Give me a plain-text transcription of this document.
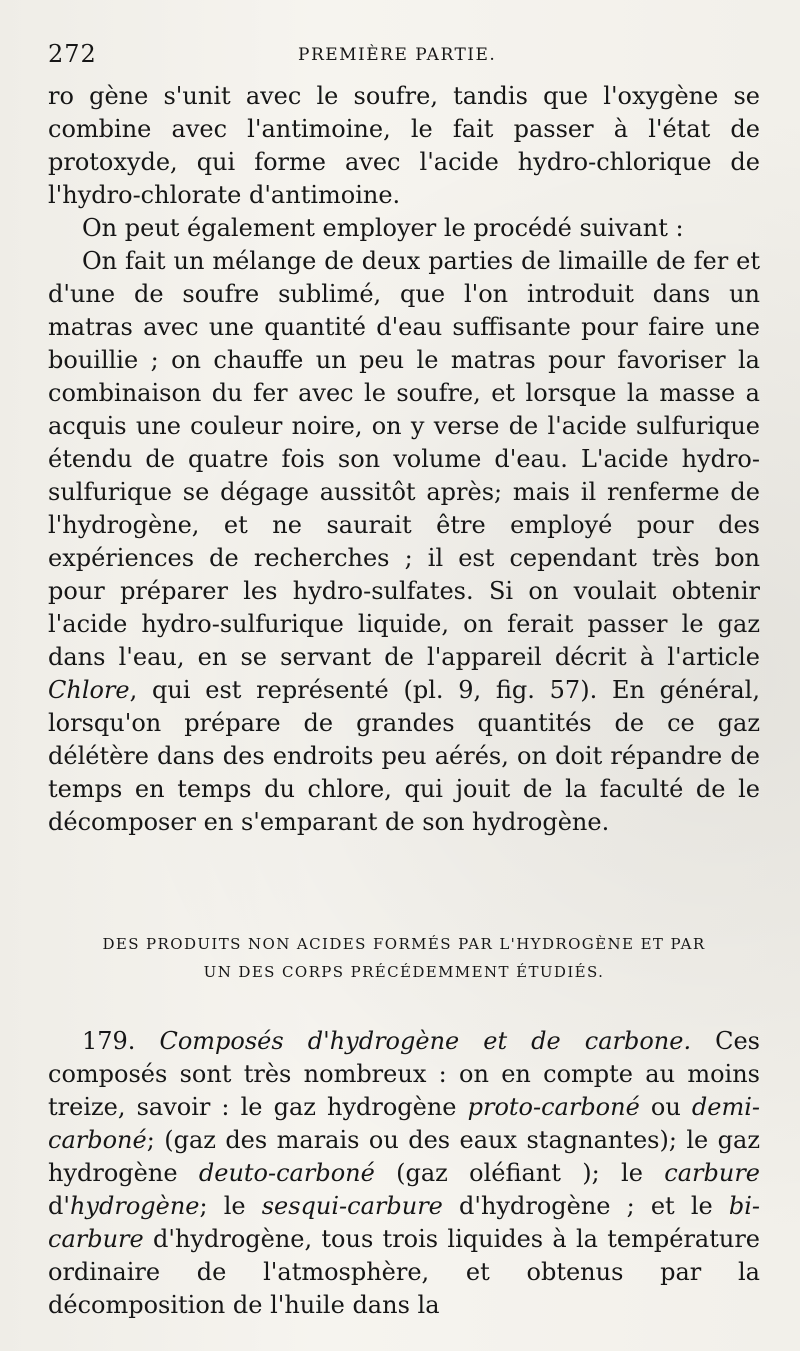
272	PREMIÈRE PARTIE.

ro gène s'unit avec le soufre, tandis que l'oxygène se combine avec l'antimoine, le fait passer à l'état de protoxyde, qui forme avec l'acide hydro-chlorique de l'hydro-chlorate d'antimoine.

On peut également employer le procédé suivant :

On fait un mélange de deux parties de limaille de fer et d'une de soufre sublimé, que l'on introduit dans un matras avec une quantité d'eau suffisante pour faire une bouillie ; on chauffe un peu le matras pour favoriser la combinaison du fer avec le soufre, et lorsque la masse a acquis une couleur noire, on y verse de l'acide sulfurique étendu de quatre fois son volume d'eau. L'acide hydro-sulfurique se dégage aussitôt après; mais il renferme de l'hydrogène, et ne saurait être employé pour des expériences de recherches ; il est cependant très bon pour préparer les hydro-sulfates. Si on voulait obtenir l'acide hydro-sulfurique liquide, on ferait passer le gaz dans l'eau, en se servant de l'appareil décrit à l'article Chlore, qui est représenté (pl. 9, fig. 57). En général, lorsqu'on prépare de grandes quantités de ce gaz délétère dans des endroits peu aérés, on doit répandre de temps en temps du chlore, qui jouit de la faculté de le décomposer en s'emparant de son hydrogène.

DES PRODUITS NON ACIDES FORMÉS PAR L'HYDROGÈNE ET PAR
UN DES CORPS PRÉCÉDEMMENT ÉTUDIÉS.

179. Composés d'hydrogène et de carbone. Ces composés sont très nombreux : on en compte au moins treize, savoir : le gaz hydrogène proto-carboné ou demi-carboné; (gaz des marais ou des eaux stagnantes); le gaz hydrogène deuto-carboné (gaz oléfiant ); le carbure d'hydrogène; le sesqui-carbure d'hydrogène ; et le bi-carbure d'hydrogène, tous trois liquides à la température ordinaire de l'atmosphère, et obtenus par la décomposition de l'huile dans la
